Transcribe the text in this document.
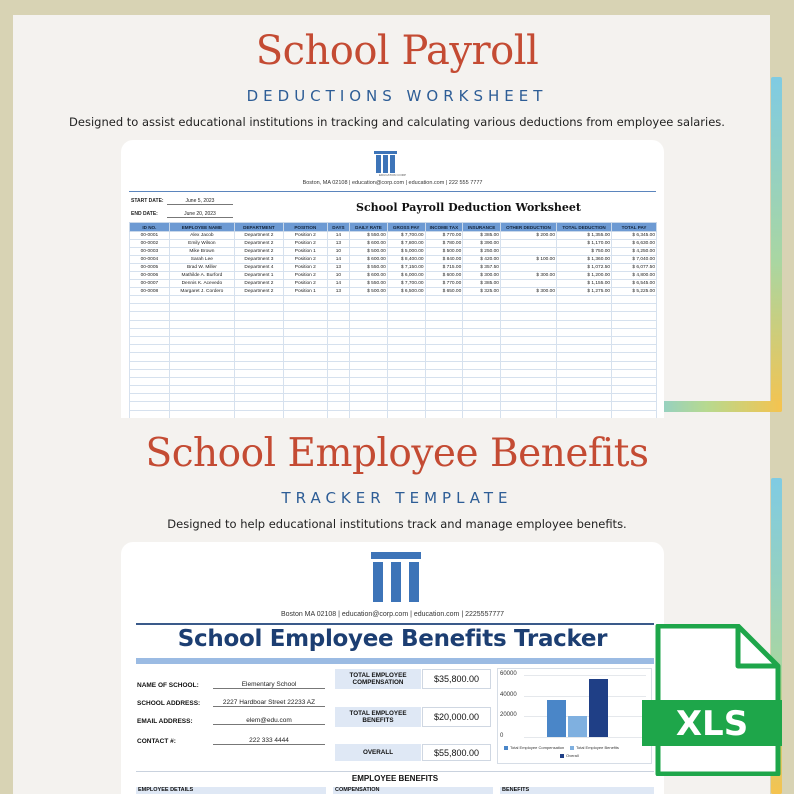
School Payroll
DEDUCTIONS WORKSHEET
Designed to assist educational institutions in tracking and calculating various deductions from employee salaries.
EDUCATION CORP
Boston, MA 02108 | education@corp.com | education.com | 222 555 7777
START DATE:	June 5, 2023
END DATE:	June 20, 2023	School Payroll Deduction Worksheet
ID NO.	EMPLOYEE NAME	DEPARTMENT	POSITION	DAYS	DAILY RATE	GROSS PAY	INCOME TAX	INSURANCE	OTHER DEDUCTION	TOTAL DEDUCTION	TOTAL PAY
00-0001	Alex Jacob	Department 2	Position 2	14	$ 550.00	$ 7,700.00	$ 770.00	$ 385.00	$ 200.00	$ 1,355.00	$ 6,345.00
00-0002	Emily Wilson	Department 2	Position 2	13	$ 600.00	$ 7,800.00	$ 780.00	$ 390.00		$ 1,170.00	$ 6,630.00
00-0003	Mike Brown	Department 2	Position 1	10	$ 500.00	$ 5,000.00	$ 500.00	$ 250.00		$ 750.00	$ 4,250.00
00-0004	Sarah Lee	Department 3	Position 2	14	$ 600.00	$ 8,400.00	$ 840.00	$ 420.00	$ 100.00	$ 1,360.00	$ 7,040.00
00-0005	Brad W. Miller	Department 4	Position 2	13	$ 550.00	$ 7,150.00	$ 715.00	$ 357.50		$ 1,072.50	$ 6,077.50
00-0006	Mathilde A. Burford	Department 1	Position 2	10	$ 600.00	$ 6,000.00	$ 600.00	$ 300.00	$ 300.00	$ 1,200.00	$ 4,800.00
00-0007	Dennis K. Acevedo	Department 2	Position 2	14	$ 550.00	$ 7,700.00	$ 770.00	$ 385.00		$ 1,155.00	$ 6,545.00
00-0008	Margaret J. Cordero	Department 2	Position 1	13	$ 500.00	$ 6,500.00	$ 650.00	$ 325.00	$ 300.00	$ 1,275.00	$ 5,225.00

School Employee Benefits
TRACKER TEMPLATE
Designed to help educational institutions track and manage employee benefits.
Boston MA 02108 | education@corp.com | education.com | 2225557777
School Employee Benefits Tracker
NAME OF SCHOOL:	Elementary School
SCHOOL ADDRESS:	2227 Hardboar Street 22233 AZ
EMAIL ADDRESS:	elem@edu.com
CONTACT #:	222 333 4444
TOTAL EMPLOYEE COMPENSATION	$35,800.00
TOTAL EMPLOYEE BENEFITS	$20,000.00
OVERALL	$55,800.00
60000
40000
20000
0
Total Employee Compensation	Total Employee Benefits
Overall
EMPLOYEE BENEFITS
EMPLOYEE DETAILS	COMPENSATION	BENEFITS
XLS
